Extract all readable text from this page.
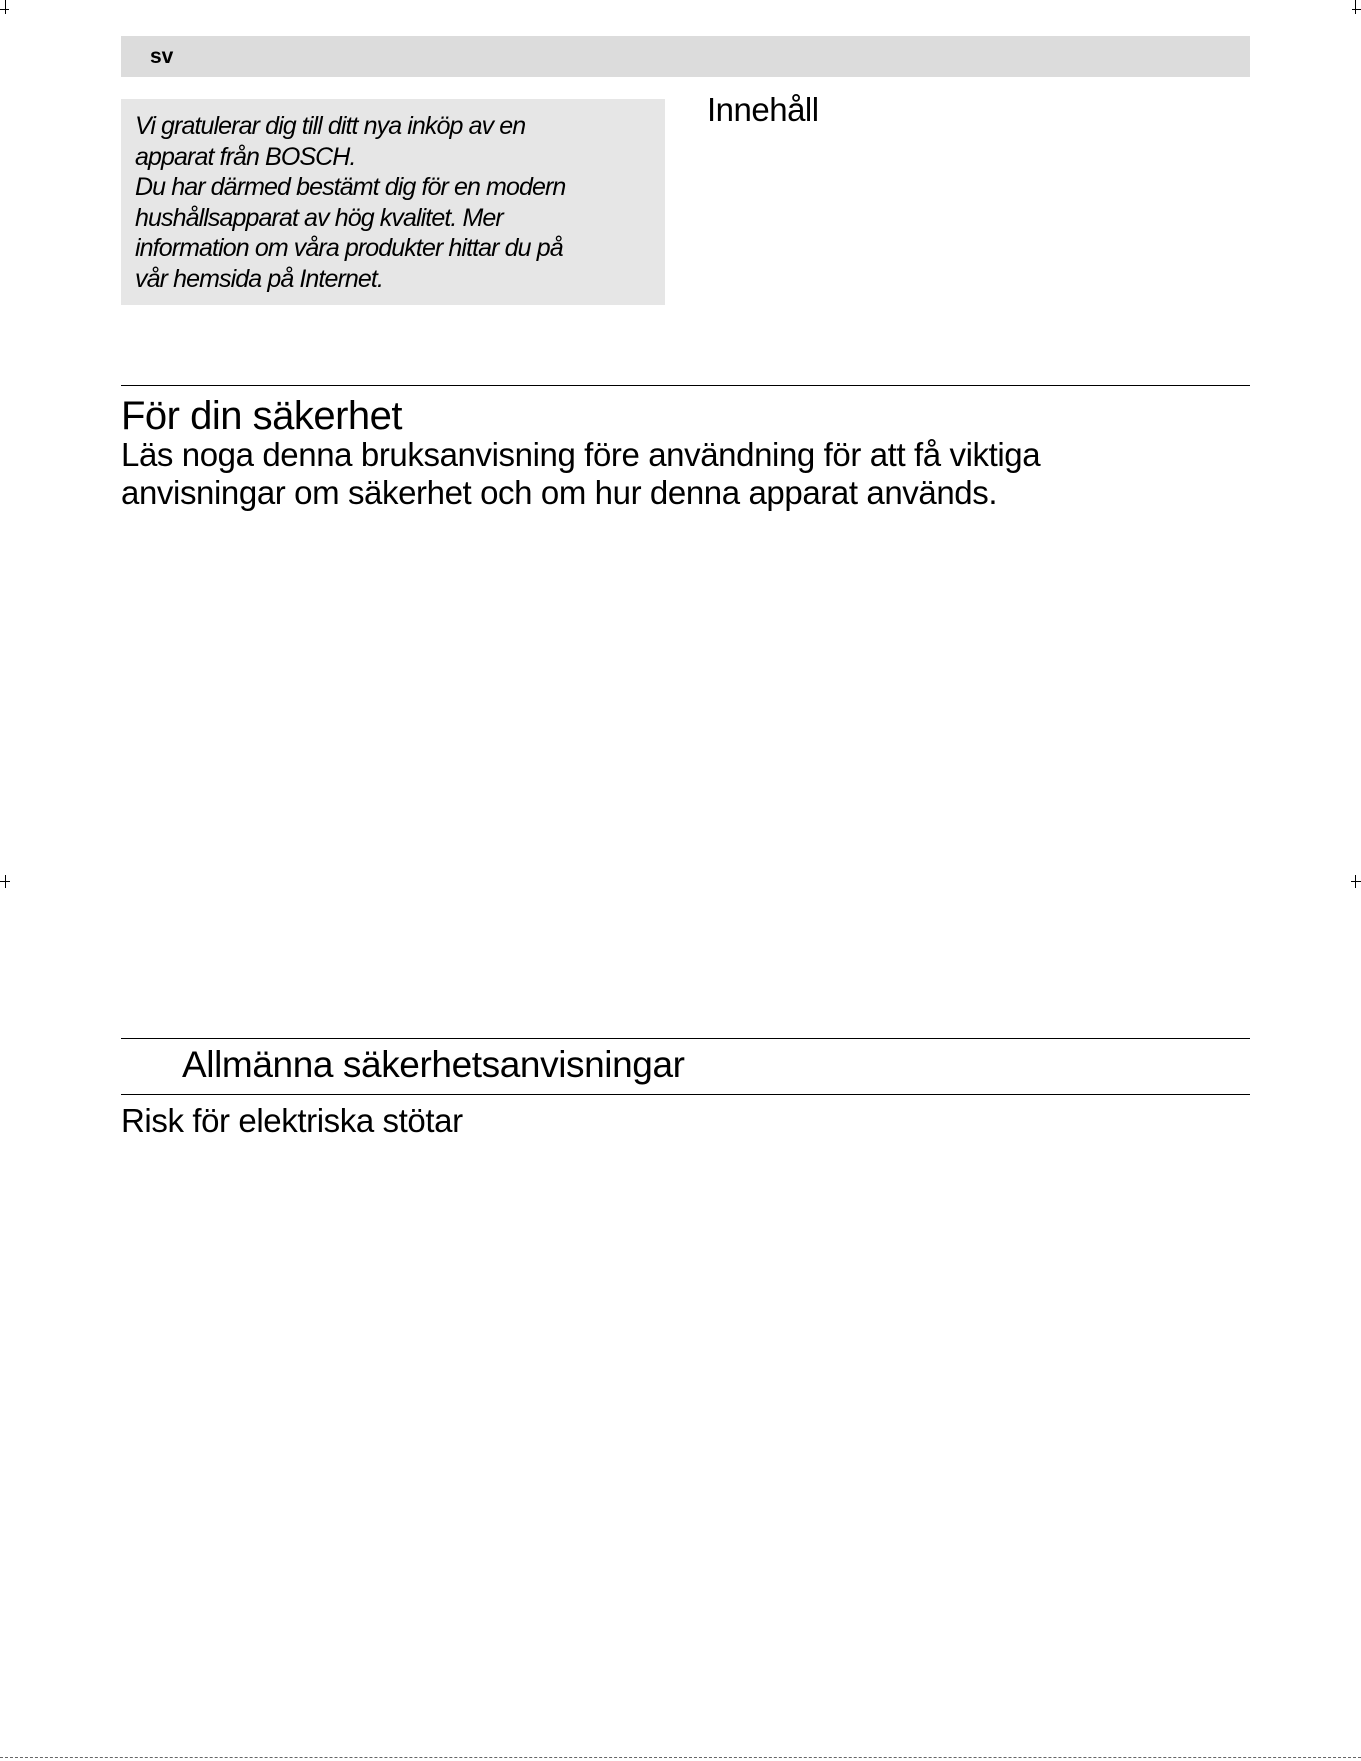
sv
Vi gratulerar dig till ditt nya inköp av en
apparat från BOSCH.
Du har därmed bestämt dig för en modern
hushållsapparat av hög kvalitet. Mer
information om våra produkter hittar du på
vår hemsida på Internet.
Innehåll
För din säkerhet
Läs noga denna bruksanvisning före användning för att få viktiga
anvisningar om säkerhet och om hur denna apparat används.
Allmänna säkerhetsanvisningar
Risk för elektriska stötar
